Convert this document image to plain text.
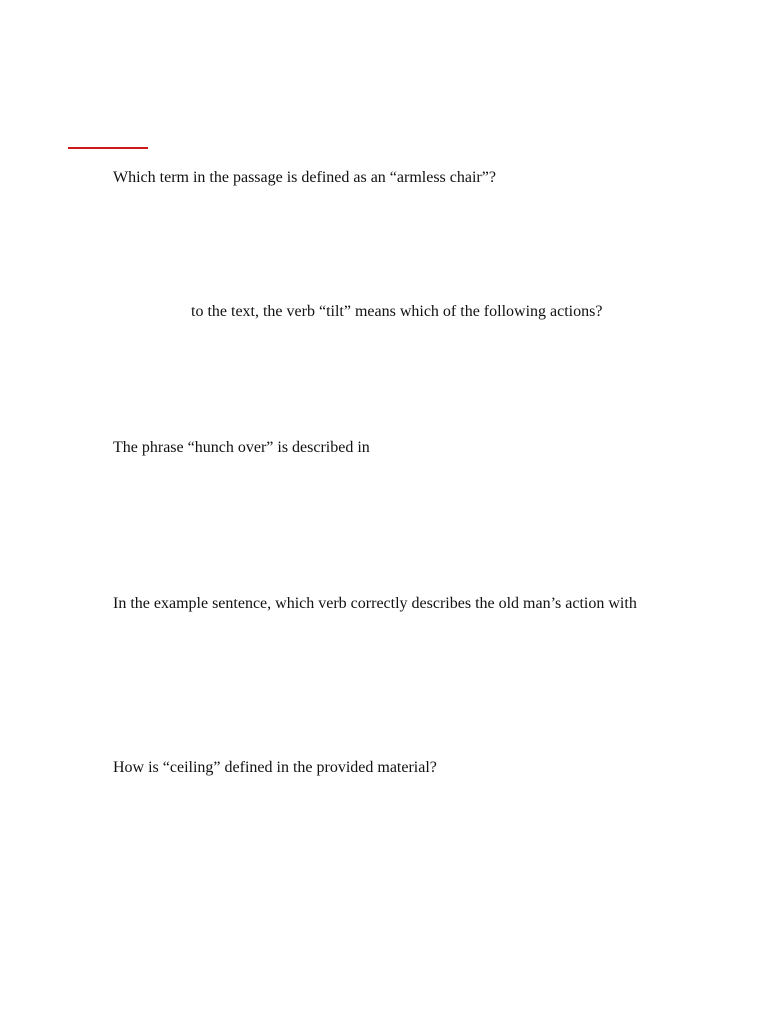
Which term in the passage is defined as an “armless chair”?

to the text, the verb “tilt” means which of the following actions?

The phrase “hunch over” is described in

In the example sentence, which verb correctly describes the old man’s action with

How is “ceiling” defined in the provided material?
